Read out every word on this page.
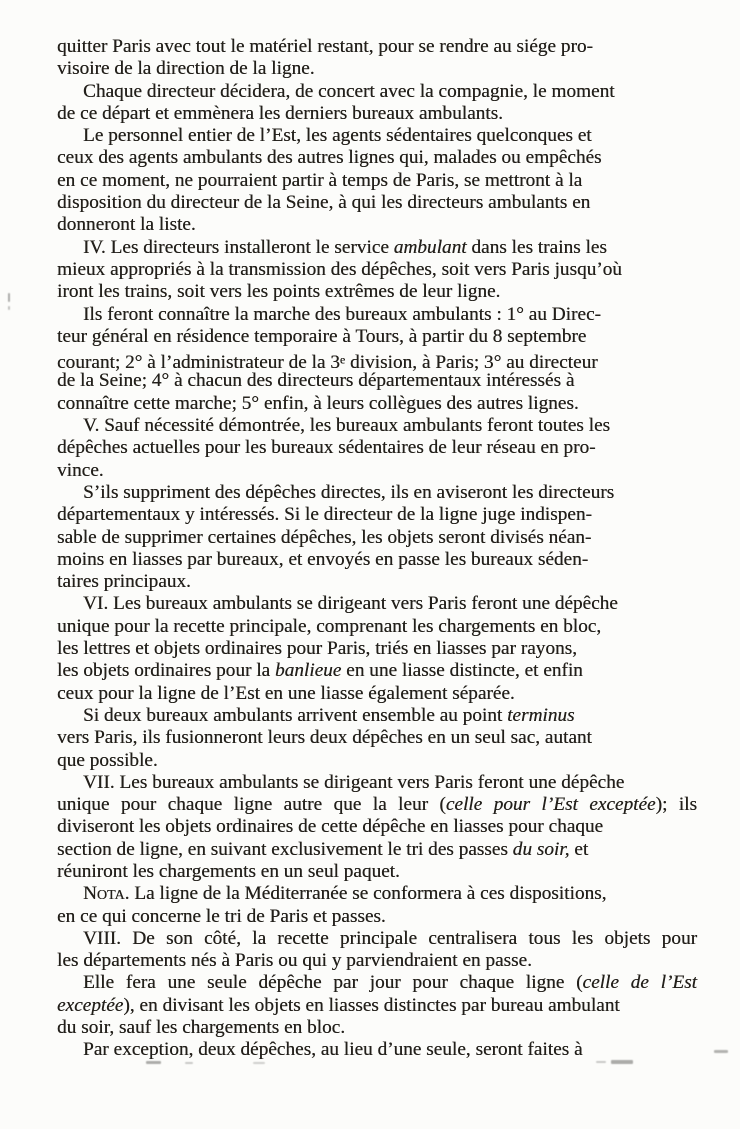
quitter Paris avec tout le matériel restant, pour se rendre au siége pro-
visoire de la direction de la ligne.
Chaque directeur décidera, de concert avec la compagnie, le moment
de ce départ et emmènera les derniers bureaux ambulants.
Le personnel entier de l’Est, les agents sédentaires quelconques et
ceux des agents ambulants des autres lignes qui, malades ou empêchés
en ce moment, ne pourraient partir à temps de Paris, se mettront à la
disposition du directeur de la Seine, à qui les directeurs ambulants en
donneront la liste.
IV. Les directeurs installeront le service ambulant dans les trains les
mieux appropriés à la transmission des dépêches, soit vers Paris jusqu’où
iront les trains, soit vers les points extrêmes de leur ligne.
Ils feront connaître la marche des bureaux ambulants : 1° au Direc-
teur général en résidence temporaire à Tours, à partir du 8 septembre
courant; 2° à l’administrateur de la 3e division, à Paris; 3° au directeur
de la Seine; 4° à chacun des directeurs départementaux intéressés à
connaître cette marche; 5° enfin, à leurs collègues des autres lignes.
V. Sauf nécessité démontrée, les bureaux ambulants feront toutes les
dépêches actuelles pour les bureaux sédentaires de leur réseau en pro-
vince.
S’ils suppriment des dépêches directes, ils en aviseront les directeurs
départementaux y intéressés. Si le directeur de la ligne juge indispen-
sable de supprimer certaines dépêches, les objets seront divisés néan-
moins en liasses par bureaux, et envoyés en passe les bureaux séden-
taires principaux.
VI. Les bureaux ambulants se dirigeant vers Paris feront une dépêche
unique pour la recette principale, comprenant les chargements en bloc,
les lettres et objets ordinaires pour Paris, triés en liasses par rayons,
les objets ordinaires pour la banlieue en une liasse distincte, et enfin
ceux pour la ligne de l’Est en une liasse également séparée.
Si deux bureaux ambulants arrivent ensemble au point terminus
vers Paris, ils fusionneront leurs deux dépêches en un seul sac, autant
que possible.
VII. Les bureaux ambulants se dirigeant vers Paris feront une dépêche
unique pour chaque ligne autre que la leur (celle pour l’Est exceptée); ils
diviseront les objets ordinaires de cette dépêche en liasses pour chaque
section de ligne, en suivant exclusivement le tri des passes du soir, et
réuniront les chargements en un seul paquet.
Nota. La ligne de la Méditerranée se conformera à ces dispositions,
en ce qui concerne le tri de Paris et passes.
VIII. De son côté, la recette principale centralisera tous les objets pour
les départements nés à Paris ou qui y parviendraient en passe.
Elle fera une seule dépêche par jour pour chaque ligne (celle de l’Est
exceptée), en divisant les objets en liasses distinctes par bureau ambulant
du soir, sauf les chargements en bloc.
Par exception, deux dépêches, au lieu d’une seule, seront faites à
